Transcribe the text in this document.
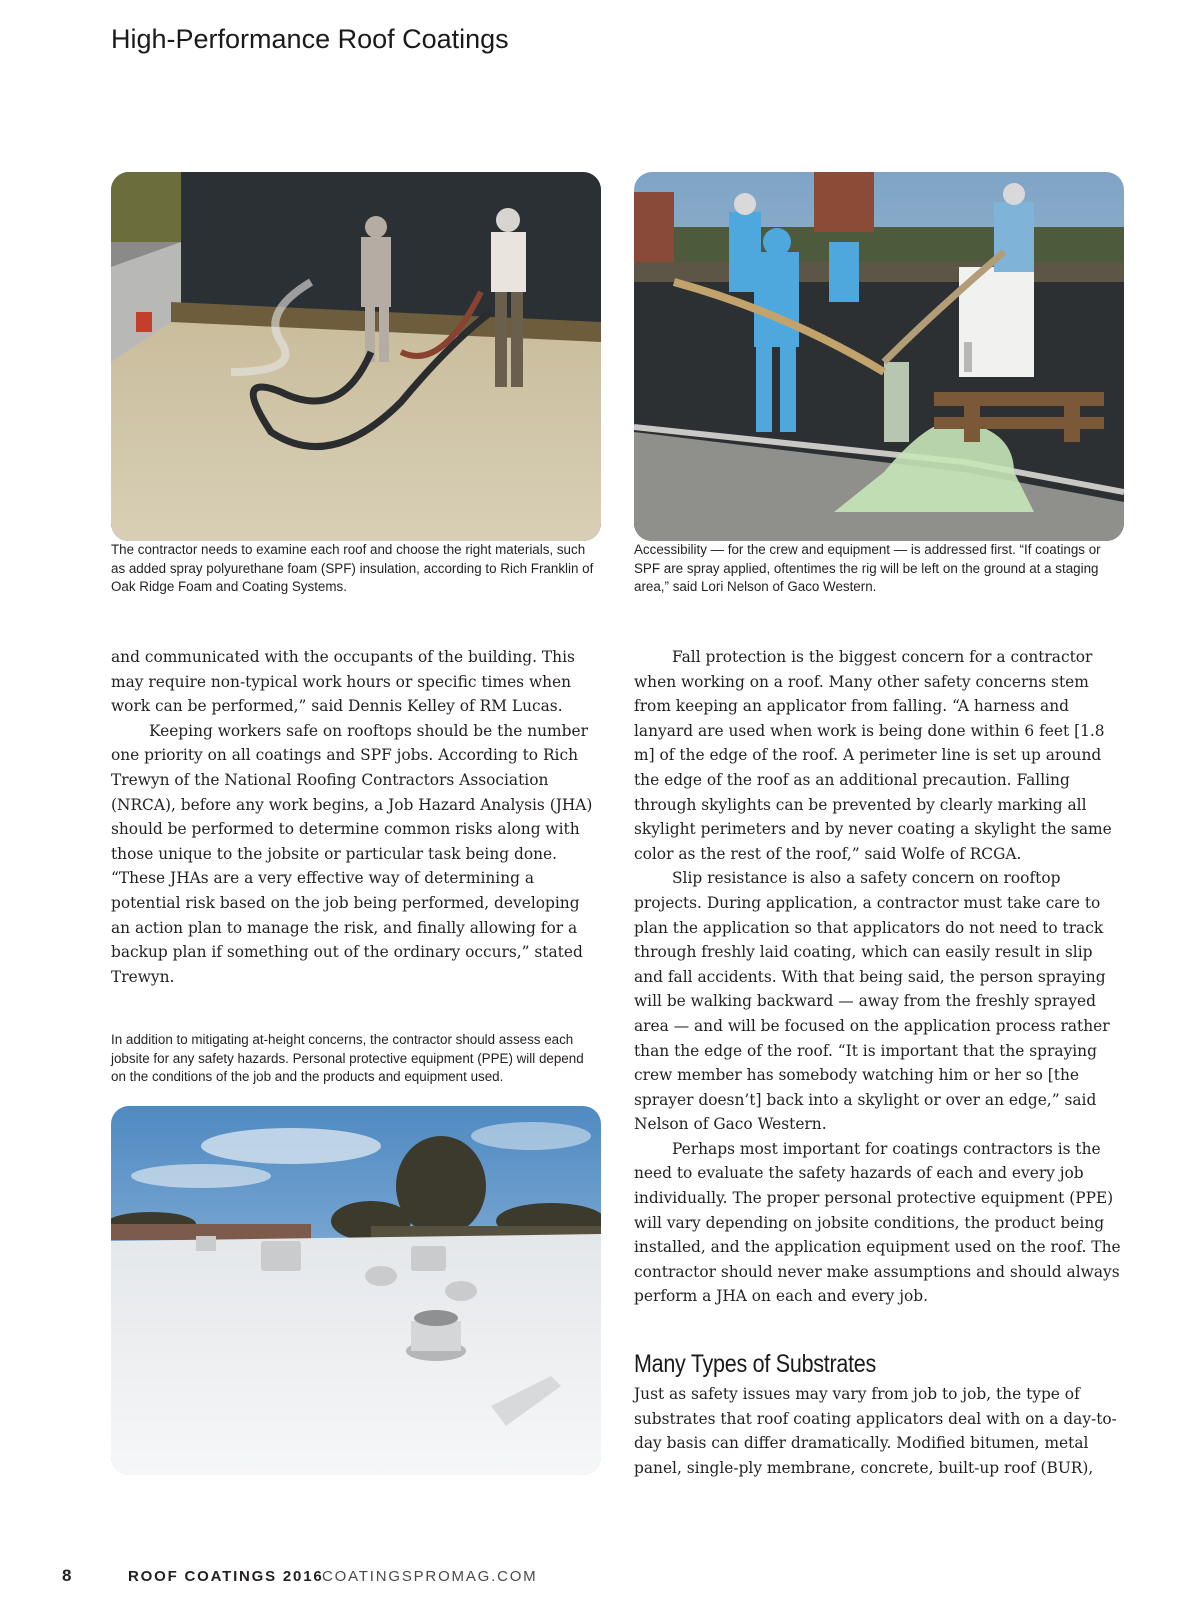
High-Performance Roof Coatings
The contractor needs to examine each roof and choose the right materials, such as added spray polyurethane foam (SPF) insulation, according to Rich Franklin of Oak Ridge Foam and Coating Systems.
Accessibility — for the crew and equipment — is addressed first. “If coatings or SPF are spray applied, oftentimes the rig will be left on the ground at a staging area,” said Lori Nelson of Gaco Western.

and communicated with the occupants of the building. This may require non-typical work hours or specific times when work can be performed,” said Dennis Kelley of RM Lucas.

Keeping workers safe on rooftops should be the number one priority on all coatings and SPF jobs. According to Rich Trewyn of the National Roofing Contractors Association (NRCA), before any work begins, a Job Hazard Analysis (JHA) should be performed to determine common risks along with those unique to the jobsite or particular task being done. “These JHAs are a very effective way of determining a potential risk based on the job being performed, developing an action plan to manage the risk, and finally allowing for a backup plan if something out of the ordinary occurs,” stated Trewyn.

In addition to mitigating at-height concerns, the contractor should assess each jobsite for any safety hazards. Personal protective equipment (PPE) will depend on the conditions of the job and the products and equipment used.

Fall protection is the biggest concern for a contractor when working on a roof. Many other safety concerns stem from keeping an applicator from falling. “A harness and lanyard are used when work is being done within 6 feet [1.8 m] of the edge of the roof. A perimeter line is set up around the edge of the roof as an additional precaution. Falling through skylights can be prevented by clearly marking all skylight perimeters and by never coating a skylight the same color as the rest of the roof,” said Wolfe of RCGA.

Slip resistance is also a safety concern on rooftop projects. During application, a contractor must take care to plan the application so that applicators do not need to track through freshly laid coating, which can easily result in slip and fall accidents. With that being said, the person spraying will be walking backward — away from the freshly sprayed area — and will be focused on the application process rather than the edge of the roof. “It is important that the spraying crew member has somebody watching him or her so [the sprayer doesn’t] back into a skylight or over an edge,” said Nelson of Gaco Western.

Perhaps most important for coatings contractors is the need to evaluate the safety hazards of each and every job individually. The proper personal protective equipment (PPE) will vary depending on jobsite conditions, the product being installed, and the application equipment used on the roof. The contractor should never make assumptions and should always perform a JHA on each and every job.

Many Types of Substrates

Just as safety issues may vary from job to job, the type of substrates that roof coating applicators deal with on a day-to-day basis can differ dramatically. Modified bitumen, metal panel, single-ply membrane, concrete, built-up roof (BUR),

8	ROOF COATINGS 2016
COATINGSPROMAG.COM
